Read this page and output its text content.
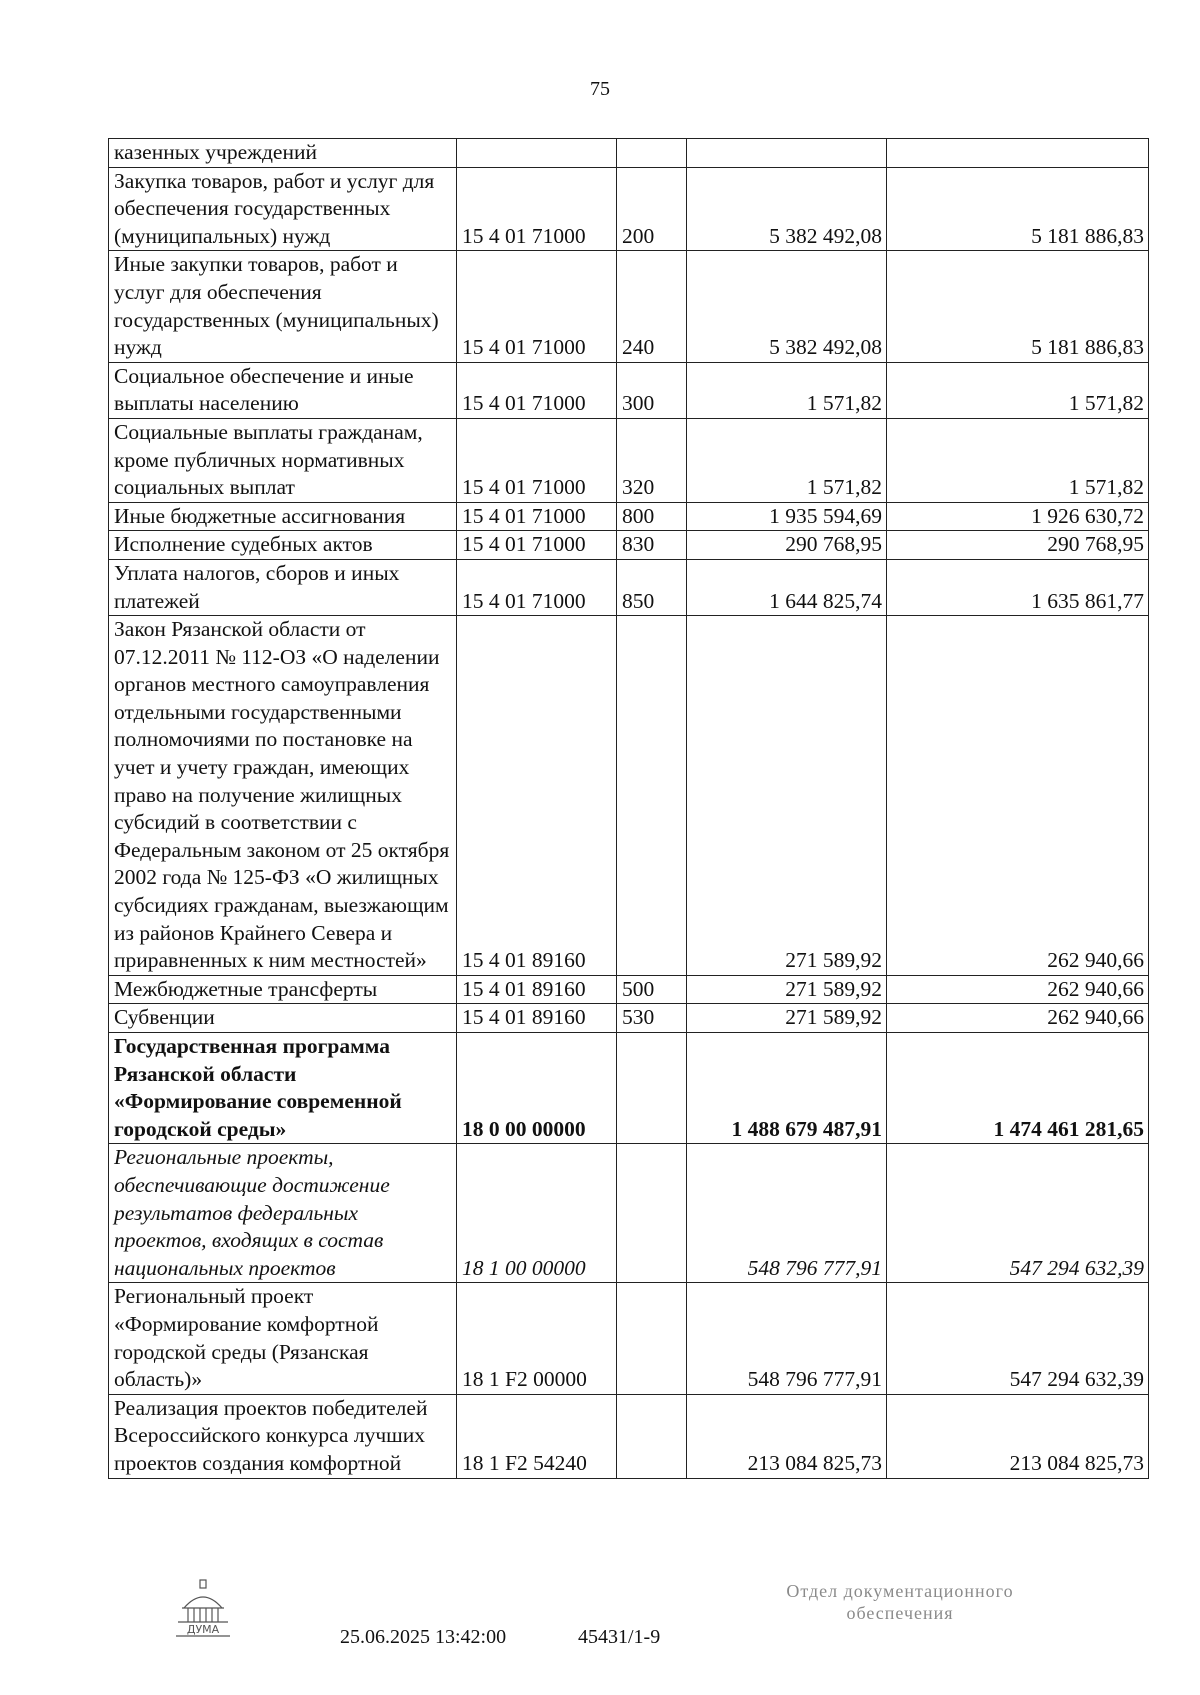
75
казенных учреждений				
Закупка товаров, работ и услуг для обеспечения государственных (муниципальных) нужд	15 4 01 71000	200	5 382 492,08	5 181 886,83
Иные закупки товаров, работ и услуг для обеспечения государственных (муниципальных) нужд	15 4 01 71000	240	5 382 492,08	5 181 886,83
Социальное обеспечение и иные выплаты населению	15 4 01 71000	300	1 571,82	1 571,82
Социальные выплаты гражданам, кроме публичных нормативных социальных выплат	15 4 01 71000	320	1 571,82	1 571,82
Иные бюджетные ассигнования	15 4 01 71000	800	1 935 594,69	1 926 630,72
Исполнение судебных актов	15 4 01 71000	830	290 768,95	290 768,95
Уплата налогов, сборов и иных платежей	15 4 01 71000	850	1 644 825,74	1 635 861,77
Закон Рязанской области от 07.12.2011 № 112-ОЗ «О наделении органов местного самоуправления отдельными государственными полномочиями по постановке на учет и учету граждан, имеющих право на получение жилищных субсидий в соответствии с Федеральным законом от 25 октября 2002 года № 125-ФЗ «О жилищных субсидиях гражданам, выезжающим из районов Крайнего Севера и приравненных к ним местностей»	15 4 01 89160		271 589,92	262 940,66
Межбюджетные трансферты	15 4 01 89160	500	271 589,92	262 940,66
Субвенции	15 4 01 89160	530	271 589,92	262 940,66
Государственная программа Рязанской области «Формирование современной городской среды»	18 0 00 00000		1 488 679 487,91	1 474 461 281,65
Региональные проекты, обеспечивающие достижение результатов федеральных проектов, входящих в состав национальных проектов	18 1 00 00000		548 796 777,91	547 294 632,39
Региональный проект «Формирование комфортной городской среды (Рязанская область)»	18 1 F2 00000		548 796 777,91	547 294 632,39
Реализация проектов победителей Всероссийского конкурса лучших проектов создания комфортной	18 1 F2 54240		213 084 825,73	213 084 825,73
ДУМА	25.06.2025 13:42:00	45431/1-9
Отдел документационного
обеспечения
